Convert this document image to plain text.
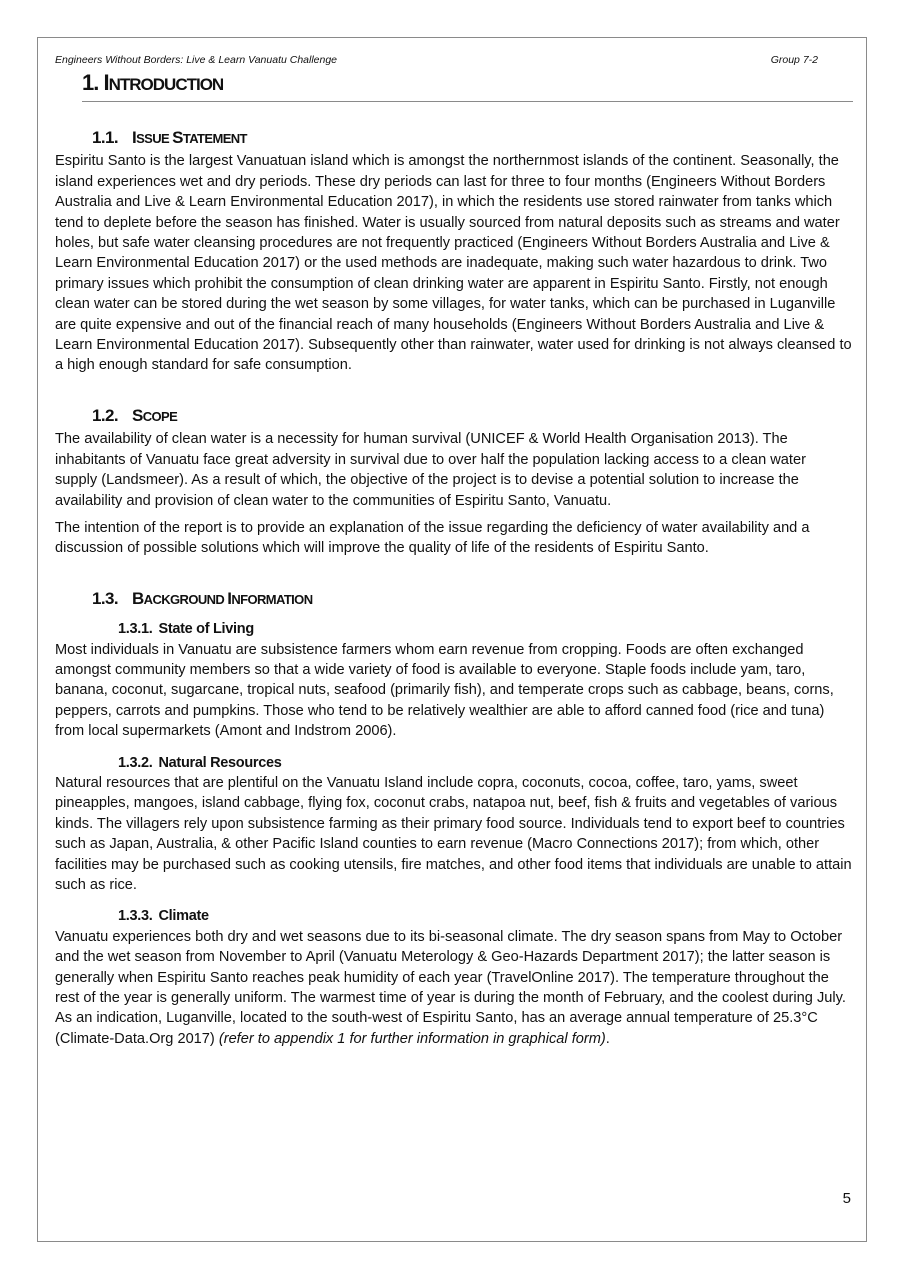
Engineers Without Borders: Live & Learn Vanuatu Challenge	Group 7-2
1. INTRODUCTION
1.1. ISSUE STATEMENT

Espiritu Santo is the largest Vanuatuan island which is amongst the northernmost islands of the continent. Seasonally, the island experiences wet and dry periods. These dry periods can last for three to four months (Engineers Without Borders Australia and Live & Learn Environmental Education 2017), in which the residents use stored rainwater from tanks which tend to deplete before the season has finished. Water is usually sourced from natural deposits such as streams and water holes, but safe water cleansing procedures are not frequently practiced (Engineers Without Borders Australia and Live & Learn Environmental Education 2017) or the used methods are inadequate, making such water hazardous to drink. Two primary issues which prohibit the consumption of clean drinking water are apparent in Espiritu Santo. Firstly, not enough clean water can be stored during the wet season by some villages, for water tanks, which can be purchased in Luganville are quite expensive and out of the financial reach of many households (Engineers Without Borders Australia and Live & Learn Environmental Education 2017). Subsequently other than rainwater, water used for drinking is not always cleansed to a high enough standard for safe consumption.

1.2. SCOPE

The availability of clean water is a necessity for human survival (UNICEF & World Health Organisation 2013). The inhabitants of Vanuatu face great adversity in survival due to over half the population lacking access to a clean water supply (Landsmeer). As a result of which, the objective of the project is to devise a potential solution to increase the availability and provision of clean water to the communities of Espiritu Santo, Vanuatu.

The intention of the report is to provide an explanation of the issue regarding the deficiency of water availability and a discussion of possible solutions which will improve the quality of life of the residents of Espiritu Santo.

1.3. BACKGROUND INFORMATION
1.3.1. State of Living

Most individuals in Vanuatu are subsistence farmers whom earn revenue from cropping. Foods are often exchanged amongst community members so that a wide variety of food is available to everyone. Staple foods include yam, taro, banana, coconut, sugarcane, tropical nuts, seafood (primarily fish), and temperate crops such as cabbage, beans, corns, peppers, carrots and pumpkins. Those who tend to be relatively wealthier are able to afford canned food (rice and tuna) from local supermarkets (Amont and Indstrom 2006).

1.3.2. Natural Resources

Natural resources that are plentiful on the Vanuatu Island include copra, coconuts, cocoa, coffee, taro, yams, sweet pineapples, mangoes, island cabbage, flying fox, coconut crabs, natapoa nut, beef, fish & fruits and vegetables of various kinds. The villagers rely upon subsistence farming as their primary food source. Individuals tend to export beef to countries such as Japan, Australia, & other Pacific Island counties to earn revenue (Macro Connections 2017); from which, other facilities may be purchased such as cooking utensils, fire matches, and other food items that individuals are unable to attain such as rice.

1.3.3. Climate

Vanuatu experiences both dry and wet seasons due to its bi-seasonal climate. The dry season spans from May to October and the wet season from November to April (Vanuatu Meterology & Geo-Hazards Department 2017); the latter season is generally when Espiritu Santo reaches peak humidity of each year (TravelOnline 2017). The temperature throughout the rest of the year is generally uniform. The warmest time of year is during the month of February, and the coolest during July. As an indication, Luganville, located to the south-west of Espiritu Santo, has an average annual temperature of 25.3°C (Climate-Data.Org 2017) (refer to appendix 1 for further information in graphical form).

5
